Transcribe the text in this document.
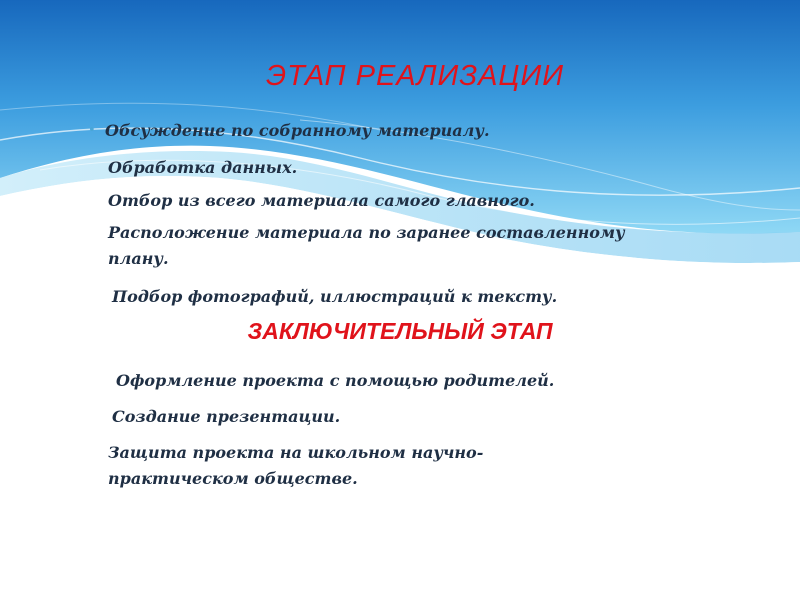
ЭТАП РЕАЛИЗАЦИИ
• Обсуждение по собранному материалу.
Обработка данных.
Отбор из всего материала самого главного.
Расположение материала по заранее составленному плану.
Подбор фотографий, иллюстраций к тексту.
ЗАКЛЮЧИТЕЛЬНЫЙ ЭТАП
Оформление проекта с помощью родителей.
Создание презентации.
Защита проекта на школьном научно-практическом обществе.
